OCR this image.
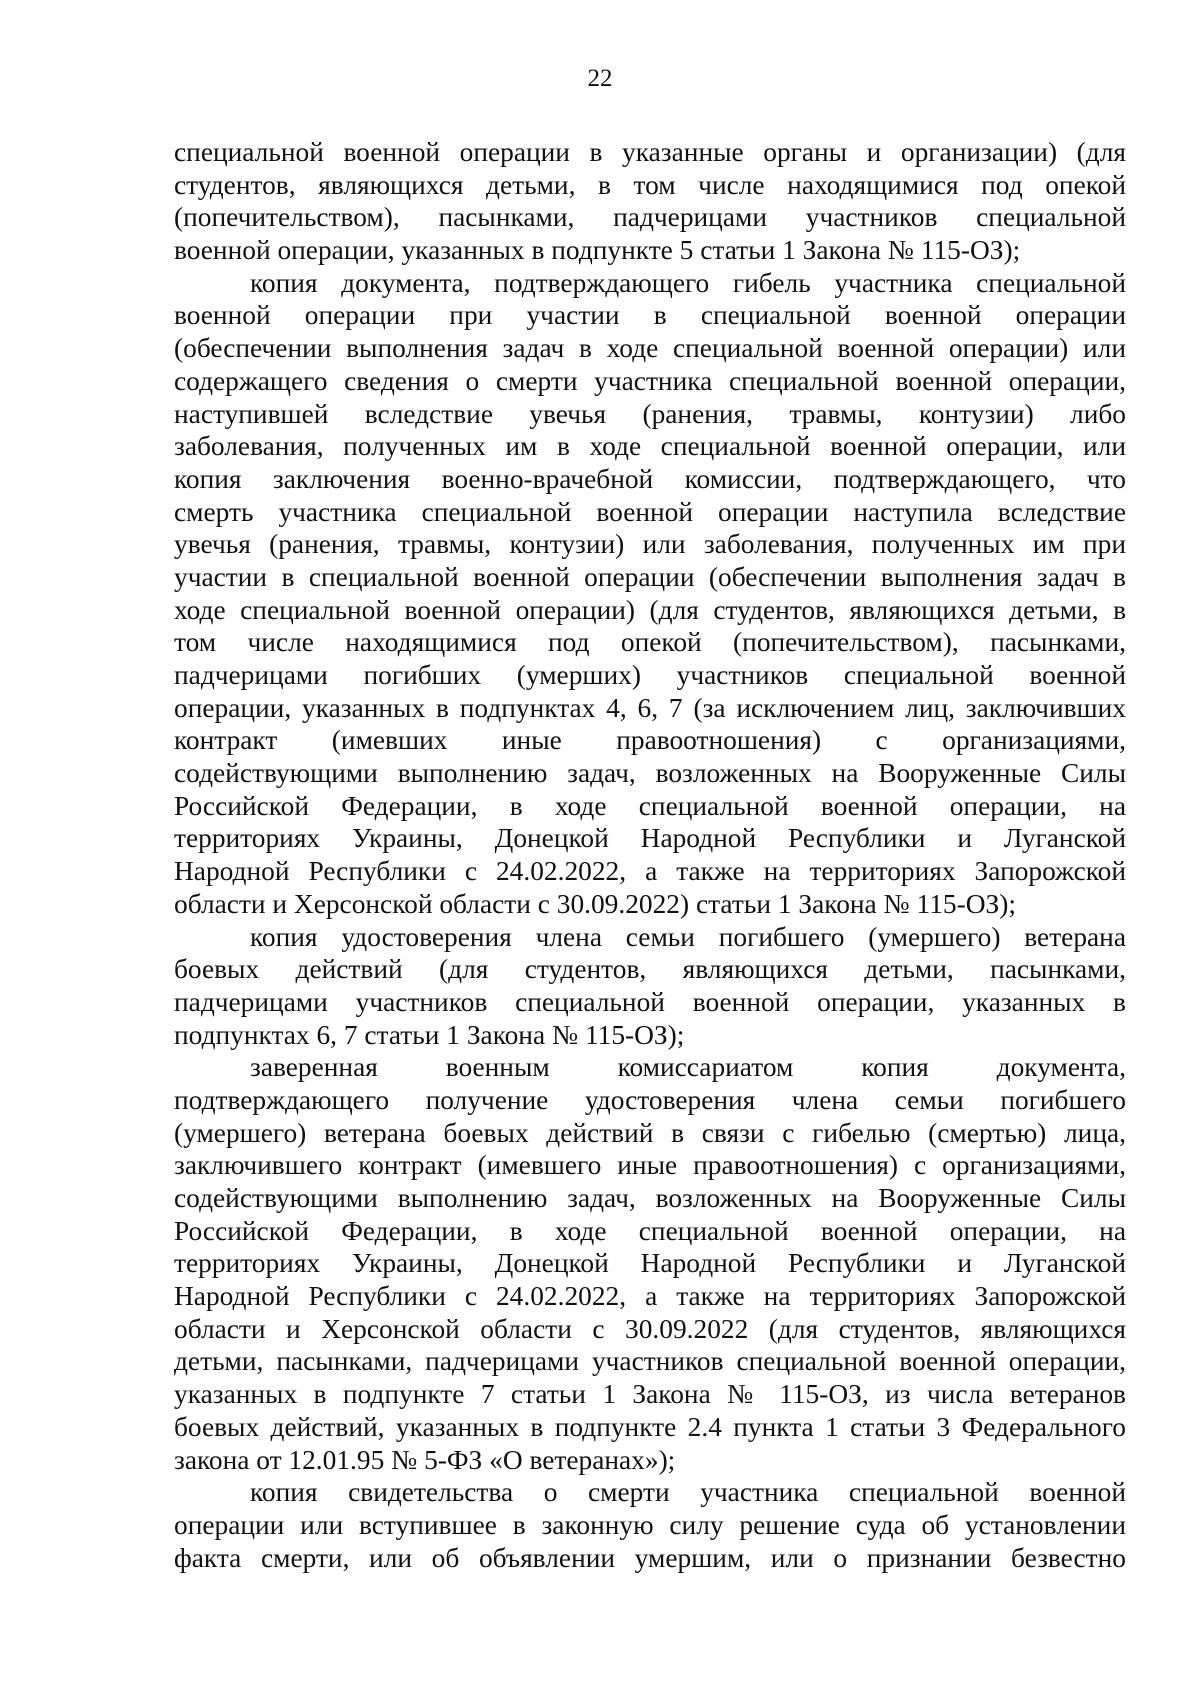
22
специальной военной операции в указанные органы и организации) (для
студентов, являющихся детьми, в том числе находящимися под опекой
(попечительством), пасынками, падчерицами участников специальной
военной операции, указанных в подпункте 5 статьи 1 Закона № 115-ОЗ);
копия документа, подтверждающего гибель участника специальной
военной операции при участии в специальной военной операции
(обеспечении выполнения задач в ходе специальной военной операции) или
содержащего сведения о смерти участника специальной военной операции,
наступившей вследствие увечья (ранения, травмы, контузии) либо
заболевания, полученных им в ходе специальной военной операции, или
копия заключения военно-врачебной комиссии, подтверждающего, что
смерть участника специальной военной операции наступила вследствие
увечья (ранения, травмы, контузии) или заболевания, полученных им при
участии в специальной военной операции (обеспечении выполнения задач в
ходе специальной военной операции) (для студентов, являющихся детьми, в
том числе находящимися под опекой (попечительством), пасынками,
падчерицами погибших (умерших) участников специальной военной
операции, указанных в подпунктах 4, 6, 7 (за исключением лиц, заключивших
контракт (имевших иные правоотношения) с организациями,
содействующими выполнению задач, возложенных на Вооруженные Силы
Российской Федерации, в ходе специальной военной операции, на
территориях Украины, Донецкой Народной Республики и Луганской
Народной Республики с 24.02.2022, а также на территориях Запорожской
области и Херсонской области с 30.09.2022) статьи 1 Закона № 115-ОЗ);
копия удостоверения члена семьи погибшего (умершего) ветерана
боевых действий (для студентов, являющихся детьми, пасынками,
падчерицами участников специальной военной операции, указанных в
подпунктах 6, 7 статьи 1 Закона № 115-ОЗ);
заверенная военным комиссариатом копия документа,
подтверждающего получение удостоверения члена семьи погибшего
(умершего) ветерана боевых действий в связи с гибелью (смертью) лица,
заключившего контракт (имевшего иные правоотношения) с организациями,
содействующими выполнению задач, возложенных на Вооруженные Силы
Российской Федерации, в ходе специальной военной операции, на
территориях Украины, Донецкой Народной Республики и Луганской
Народной Республики с 24.02.2022, а также на территориях Запорожской
области и Херсонской области с 30.09.2022 (для студентов, являющихся
детьми, пасынками, падчерицами участников специальной военной операции,
указанных в подпункте 7 статьи 1 Закона № 115-ОЗ, из числа ветеранов
боевых действий, указанных в подпункте 2.4 пункта 1 статьи 3 Федерального
закона от 12.01.95 № 5-ФЗ «О ветеранах»);
копия свидетельства о смерти участника специальной военной
операции или вступившее в законную силу решение суда об установлении
факта смерти, или об объявлении умершим, или о признании безвестно
